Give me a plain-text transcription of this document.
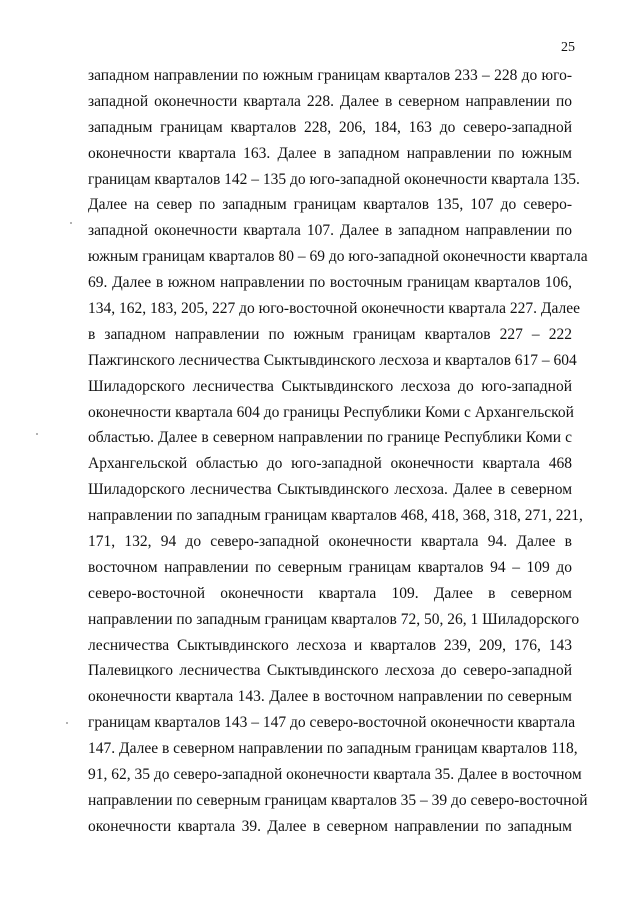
25
западном направлении по южным границам кварталов 233 – 228 до юго-
западной оконечности квартала 228. Далее в северном направлении по
западным границам кварталов 228, 206, 184, 163 до северо-западной
оконечности квартала 163. Далее в западном направлении по южным
границам кварталов 142 – 135 до юго-западной оконечности квартала 135.
Далее на север по западным границам кварталов 135, 107 до северо-
западной оконечности квартала 107. Далее в западном направлении по
южным границам кварталов 80 – 69 до юго-западной оконечности квартала
69. Далее в южном направлении по восточным границам кварталов 106,
134, 162, 183, 205, 227 до юго-восточной оконечности квартала 227. Далее
в западном направлении по южным границам кварталов 227 – 222
Пажгинского лесничества Сыктывдинского лесхоза и кварталов 617 – 604
Шиладорского лесничества Сыктывдинского лесхоза до юго-западной
оконечности квартала 604 до границы Республики Коми с Архангельской
областью. Далее в северном направлении по границе Республики Коми с
Архангельской областью до юго-западной оконечности квартала 468
Шиладорского лесничества Сыктывдинского лесхоза. Далее в северном
направлении по западным границам кварталов 468, 418, 368, 318, 271, 221,
171, 132, 94 до северо-западной оконечности квартала 94. Далее в
восточном направлении по северным границам кварталов 94 – 109 до
северо-восточной оконечности квартала 109. Далее в северном
направлении по западным границам кварталов 72, 50, 26, 1 Шиладорского
лесничества Сыктывдинского лесхоза и кварталов 239, 209, 176, 143
Палевицкого лесничества Сыктывдинского лесхоза до северо-западной
оконечности квартала 143. Далее в восточном направлении по северным
границам кварталов 143 – 147 до северо-восточной оконечности квартала
147. Далее в северном направлении по западным границам кварталов 118,
91, 62, 35 до северо-западной оконечности квартала 35. Далее в восточном
направлении по северным границам кварталов 35 – 39 до северо-восточной
оконечности квартала 39. Далее в северном направлении по западным
